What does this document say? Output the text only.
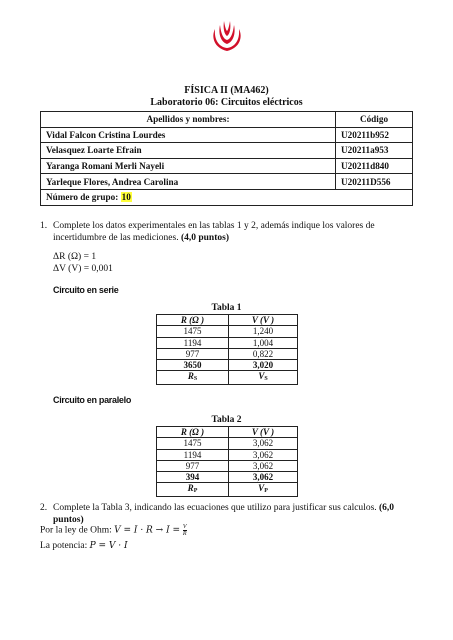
FÍSICA II (MA462)
Laboratorio 06: Circuitos eléctricos
Apellidos y nombres:	Código
Vidal Falcon Cristina Lourdes	U20211b952
Velasquez Loarte Efrain	U20211a953
Yaranga Romani Merli Nayeli	U20211d840
Yarleque Flores, Andrea Carolina	U20211D556
Número de grupo: 10	
1. Complete los datos experimentales en las tablas 1 y 2, además indique los valores de incertidumbre de las mediciones. (4,0 puntos)
ΔR (Ω) = 1
ΔV (V) = 0,001
Circuito en serie
Tabla 1
R (Ω )	V (V )
1475	1,240
1194	1,004
977	0,822
3650	3,020
$R_S$	$V_S$
Circuito en paralelo
Tabla 2
R (Ω )	V (V )
1475	3,062
1194	3,062
977	3,062
394	3,062
$R_P$	$V_P$
2. Complete la Tabla 3, indicando las ecuaciones que utilizo para justificar sus calculos. (6,0 puntos)
Por la ley de Ohm: $V = I \cdot R \to I = \frac{V}{R}$
La potencia: P = V · I
